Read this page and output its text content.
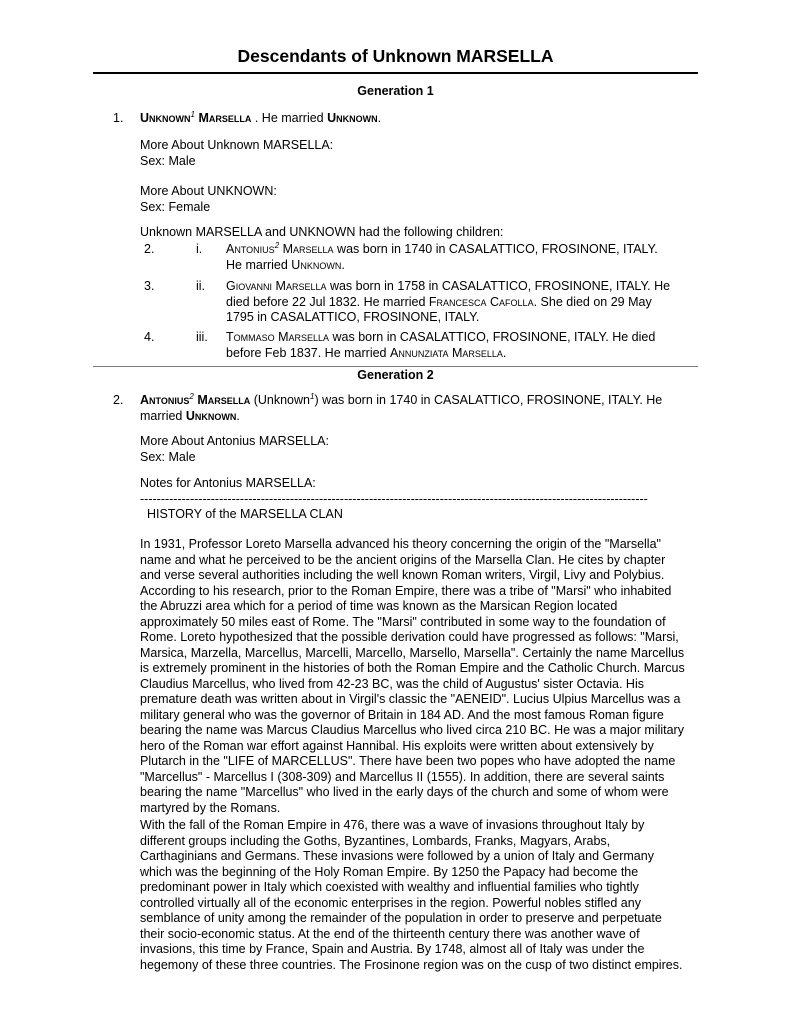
Descendants of Unknown MARSELLA
Generation 1
1. Unknown$^1$ Marsella . He married Unknown.
More About Unknown MARSELLA:
Sex: Male
More About UNKNOWN:
Sex: Female
Unknown MARSELLA and UNKNOWN had the following children:
2.	i. Antonius$^2$ Marsella was born in 1740 in CASALATTICO, FROSINONE, ITALY.
He married Unknown.
3.	ii. Giovanni Marsella was born in 1758 in CASALATTICO, FROSINONE, ITALY. He
died before 22 Jul 1832. He married Francesca Cafolla. She died on 29 May
1795 in CASALATTICO, FROSINONE, ITALY.
4.	iii. Tommaso Marsella was born in CASALATTICO, FROSINONE, ITALY. He died
before Feb 1837. He married Annunziata Marsella.
Generation 2
2. Antonius$^2$ Marsella (Unknown$^1$) was born in 1740 in CASALATTICO, FROSINONE, ITALY. He
married Unknown.
More About Antonius MARSELLA:
Sex: Male
Notes for Antonius MARSELLA:
--------------------------------------------------------------------------------------------------------------------------
HISTORY of the MARSELLA CLAN
In 1931, Professor Loreto Marsella advanced his theory concerning the origin of the "Marsella"
name and what he perceived to be the ancient origins of the Marsella Clan. He cites by chapter
and verse several authorities including the well known Roman writers, Virgil, Livy and Polybius.
According to his research, prior to the Roman Empire, there was a tribe of "Marsi" who inhabited
the Abruzzi area which for a period of time was known as the Marsican Region located
approximately 50 miles east of Rome. The "Marsi" contributed in some way to the foundation of
Rome. Loreto hypothesized that the possible derivation could have progressed as follows: "Marsi,
Marsica, Marzella, Marcellus, Marcelli, Marcello, Marsello, Marsella". Certainly the name Marcellus
is extremely prominent in the histories of both the Roman Empire and the Catholic Church. Marcus
Claudius Marcellus, who lived from 42-23 BC, was the child of Augustus' sister Octavia. His
premature death was written about in Virgil's classic the "AENEID". Lucius Ulpius Marcellus was a
military general who was the governor of Britain in 184 AD. And the most famous Roman figure
bearing the name was Marcus Claudius Marcellus who lived circa 210 BC. He was a major military
hero of the Roman war effort against Hannibal. His exploits were written about extensively by
Plutarch in the "LIFE of MARCELLUS". There have been two popes who have adopted the name
"Marcellus" - Marcellus I (308-309) and Marcellus II (1555). In addition, there are several saints
bearing the name "Marcellus" who lived in the early days of the church and some of whom were
martyred by the Romans.
With the fall of the Roman Empire in 476, there was a wave of invasions throughout Italy by
different groups including the Goths, Byzantines, Lombards, Franks, Magyars, Arabs,
Carthaginians and Germans. These invasions were followed by a union of Italy and Germany
which was the beginning of the Holy Roman Empire. By 1250 the Papacy had become the
predominant power in Italy which coexisted with wealthy and influential families who tightly
controlled virtually all of the economic enterprises in the region. Powerful nobles stifled any
semblance of unity among the remainder of the population in order to preserve and perpetuate
their socio-economic status. At the end of the thirteenth century there was another wave of
invasions, this time by France, Spain and Austria. By 1748, almost all of Italy was under the
hegemony of these three countries. The Frosinone region was on the cusp of two distinct empires.
